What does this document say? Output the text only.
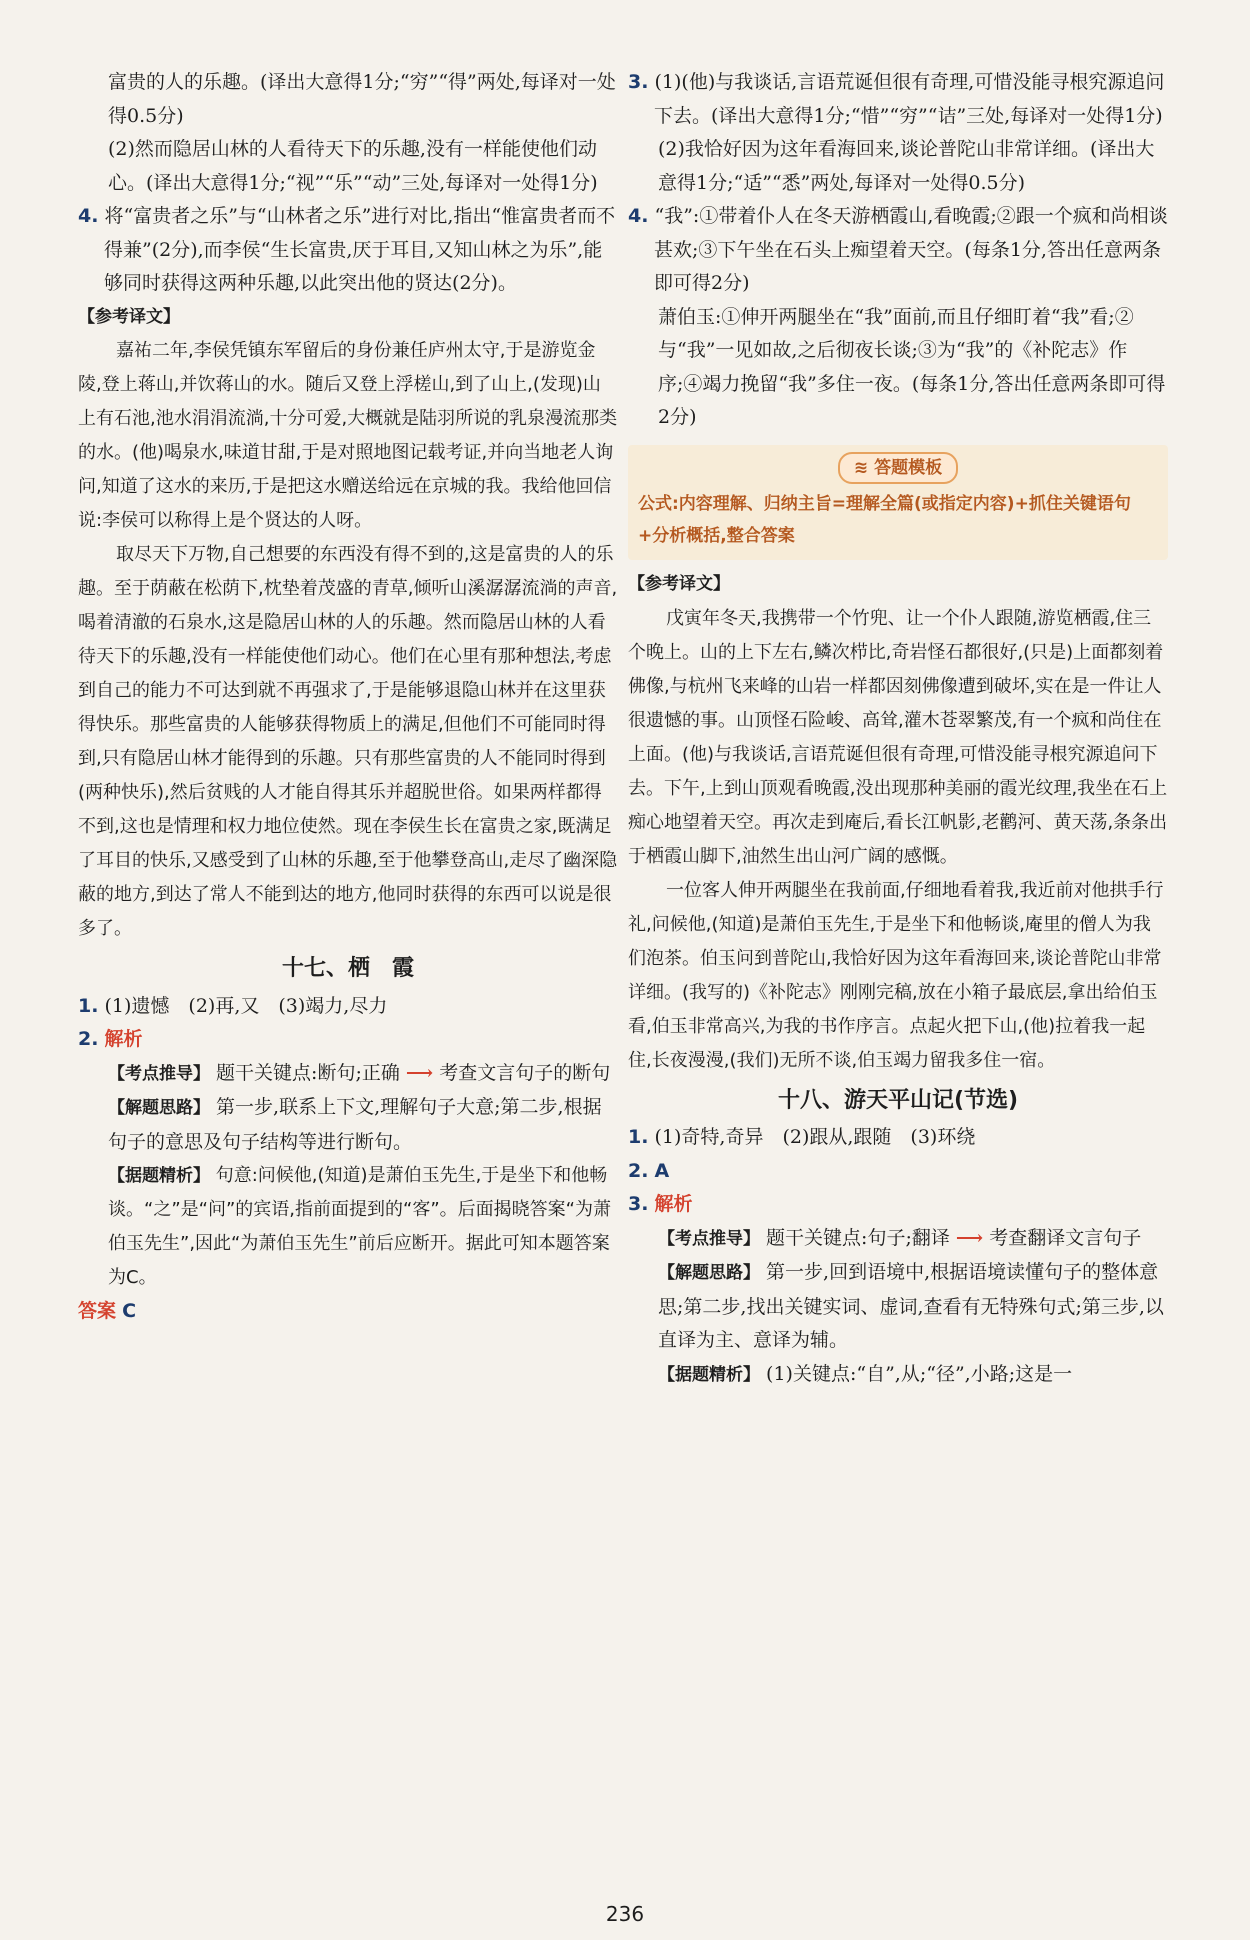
富贵的人的乐趣。(译出大意得1分;“穷”“得”两处,每译对一处得0.5分)

(2)然而隐居山林的人看待天下的乐趣,没有一样能使他们动心。(译出大意得1分;“视”“乐”“动”三处,每译对一处得1分)

4. 将“富贵者之乐”与“山林者之乐”进行对比,指出“惟富贵者而不得兼”(2分),而李侯“生长富贵,厌于耳目,又知山林之为乐”,能够同时获得这两种乐趣,以此突出他的贤达(2分)。

【参考译文】

嘉祐二年,李侯凭镇东军留后的身份兼任庐州太守,于是游览金陵,登上蒋山,并饮蒋山的水。随后又登上浮槎山,到了山上,(发现)山上有石池,池水涓涓流淌,十分可爱,大概就是陆羽所说的乳泉漫流那类的水。(他)喝泉水,味道甘甜,于是对照地图记载考证,并向当地老人询问,知道了这水的来历,于是把这水赠送给远在京城的我。我给他回信说:李侯可以称得上是个贤达的人呀。

取尽天下万物,自己想要的东西没有得不到的,这是富贵的人的乐趣。至于荫蔽在松荫下,枕垫着茂盛的青草,倾听山溪潺潺流淌的声音,喝着清澈的石泉水,这是隐居山林的人的乐趣。然而隐居山林的人看待天下的乐趣,没有一样能使他们动心。他们在心里有那种想法,考虑到自己的能力不可达到就不再强求了,于是能够退隐山林并在这里获得快乐。那些富贵的人能够获得物质上的满足,但他们不可能同时得到,只有隐居山林才能得到的乐趣。只有那些富贵的人不能同时得到(两种快乐),然后贫贱的人才能自得其乐并超脱世俗。如果两样都得不到,这也是情理和权力地位使然。现在李侯生长在富贵之家,既满足了耳目的快乐,又感受到了山林的乐趣,至于他攀登高山,走尽了幽深隐蔽的地方,到达了常人不能到达的地方,他同时获得的东西可以说是很多了。

十七、栖　霞

1. (1)遗憾　(2)再,又　(3)竭力,尽力

2. 解析

【考点推导】 题干关键点:断句;正确 ⟶ 考查文言句子的断句

【解题思路】 第一步,联系上下文,理解句子大意;第二步,根据句子的意思及句子结构等进行断句。

【据题精析】 句意:问候他,(知道)是萧伯玉先生,于是坐下和他畅谈。“之”是“问”的宾语,指前面提到的“客”。后面揭晓答案“为萧伯玉先生”,因此“为萧伯玉先生”前后应断开。据此可知本题答案为C。

答案 C

3. (1)(他)与我谈话,言语荒诞但很有奇理,可惜没能寻根究源追问下去。(译出大意得1分;“惜”“穷”“诘”三处,每译对一处得1分)

(2)我恰好因为这年看海回来,谈论普陀山非常详细。(译出大意得1分;“适”“悉”两处,每译对一处得0.5分)

4. “我”:①带着仆人在冬天游栖霞山,看晚霞;②跟一个疯和尚相谈甚欢;③下午坐在石头上痴望着天空。(每条1分,答出任意两条即可得2分)

萧伯玉:①伸开两腿坐在“我”面前,而且仔细盯着“我”看;②与“我”一见如故,之后彻夜长谈;③为“我”的《补陀志》作序;④竭力挽留“我”多住一夜。(每条1分,答出任意两条即可得2分)

≋ 答题模板
公式:内容理解、归纳主旨=理解全篇(或指定内容)+抓住关键语句+分析概括,整合答案

【参考译文】

戊寅年冬天,我携带一个竹兜、让一个仆人跟随,游览栖霞,住三个晚上。山的上下左右,鳞次栉比,奇岩怪石都很好,(只是)上面都刻着佛像,与杭州飞来峰的山岩一样都因刻佛像遭到破坏,实在是一件让人很遗憾的事。山顶怪石险峻、高耸,灌木苍翠繁茂,有一个疯和尚住在上面。(他)与我谈话,言语荒诞但很有奇理,可惜没能寻根究源追问下去。下午,上到山顶观看晚霞,没出现那种美丽的霞光纹理,我坐在石上痴心地望着天空。再次走到庵后,看长江帆影,老鹳河、黄天荡,条条出于栖霞山脚下,油然生出山河广阔的感慨。

一位客人伸开两腿坐在我前面,仔细地看着我,我近前对他拱手行礼,问候他,(知道)是萧伯玉先生,于是坐下和他畅谈,庵里的僧人为我们泡茶。伯玉问到普陀山,我恰好因为这年看海回来,谈论普陀山非常详细。(我写的)《补陀志》刚刚完稿,放在小箱子最底层,拿出给伯玉看,伯玉非常高兴,为我的书作序言。点起火把下山,(他)拉着我一起住,长夜漫漫,(我们)无所不谈,伯玉竭力留我多住一宿。

十八、游天平山记(节选)

1. (1)奇特,奇异　(2)跟从,跟随　(3)环绕

2. A

3. 解析

【考点推导】 题干关键点:句子;翻译 ⟶ 考查翻译文言句子

【解题思路】 第一步,回到语境中,根据语境读懂句子的整体意思;第二步,找出关键实词、虚词,查看有无特殊句式;第三步,以直译为主、意译为辅。

【据题精析】 (1)关键点:“自”,从;“径”,小路;这是一

236
